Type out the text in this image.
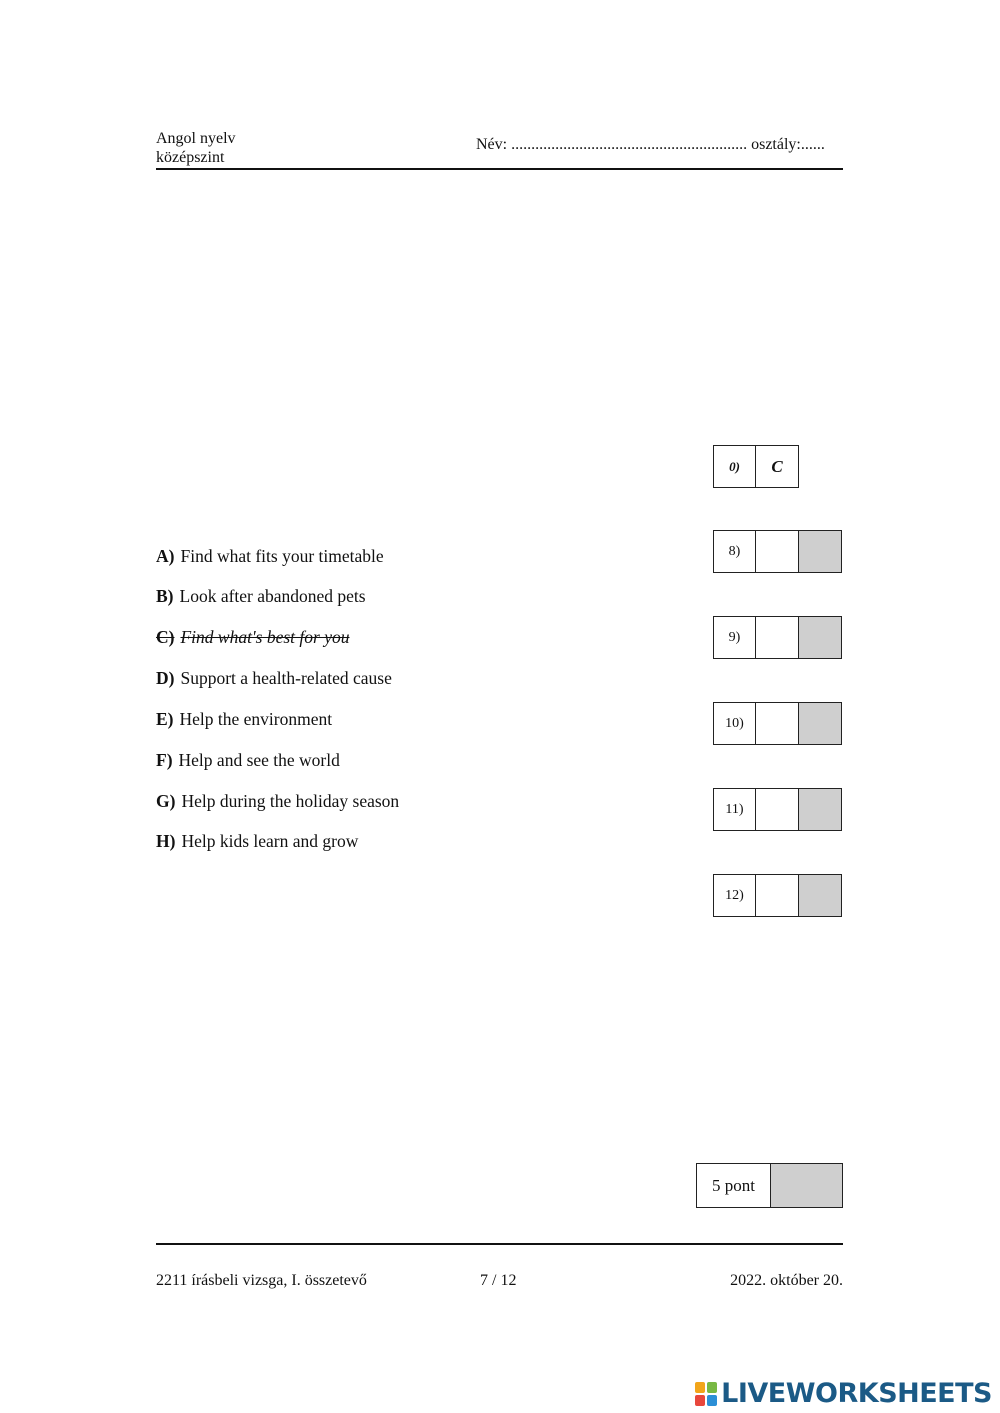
Angol nyelv
középszint
Név: ........................................................... osztály:......
0) C
A) Find what fits your timetable
B) Look after abandoned pets
C) Find what's best for you
D) Support a health-related cause
E) Help the environment
F) Help and see the world
G) Help during the holiday season
H) Help kids learn and grow
8)
9)
10)
11)
12)
5 pont
2211 írásbeli vizsga, I. összetevő	7 / 12	2022. október 20.
LIVEWORKSHEETS
